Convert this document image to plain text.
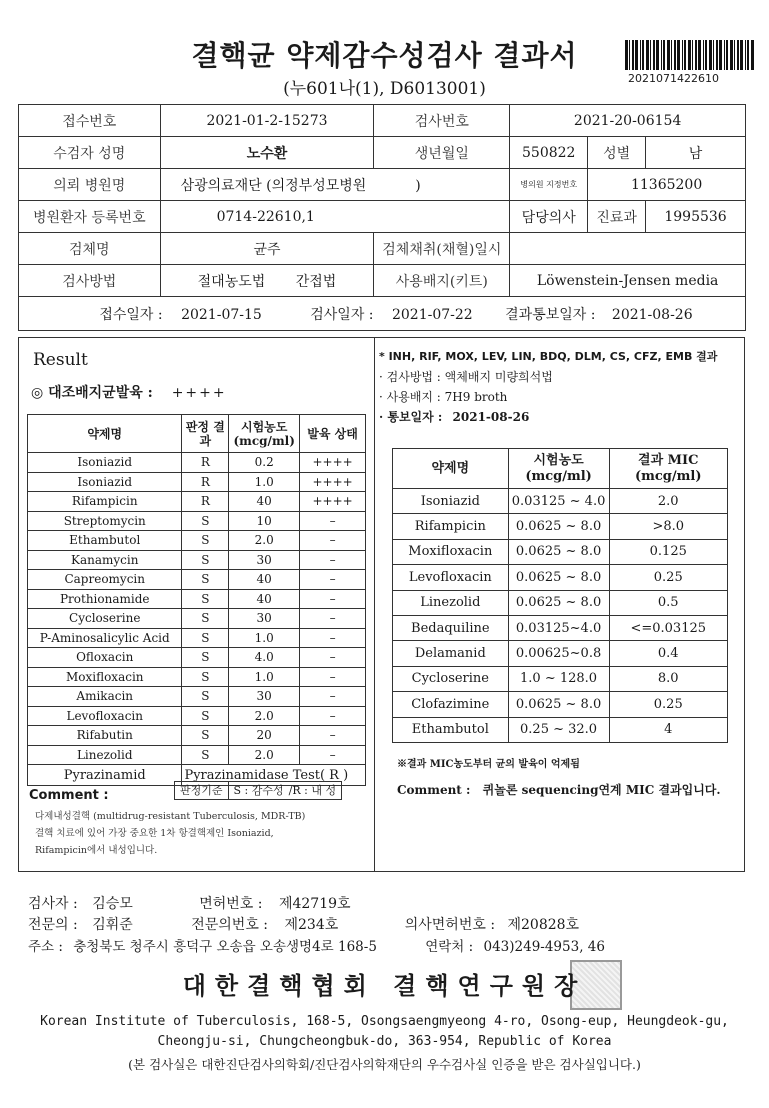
결핵균 약제감수성검사 결과서
(누601나(1), D6013001)
2021071422610
접수번호	2021-01-2-15273	검사번호	2021-20-06154		
수검자 성명	노수환	생년월일	550822	성별	남
의뢰 병원명	삼광의료재단 (의정부성모병원           )		병의원 지정번호	11365200	
병원환자 등록번호	0714-22610,1		담당의사	진료과	1995536
검체명	균주	검체채취(채혈)일시			
검사방법	절대농도법 간접법	사용배지(키트)	Löwenstein-Jensen media		
접수일자 : 2021-07-15 검사일자 : 2021-07-22 결과통보일자 : 2021-08-26					
Result
◎ 대조배지균발육 : ++++
약제명	판정 결과	시험농도 (mcg/ml)	발육 상태
Isoniazid	R	0.2	++++
Isoniazid	R	1.0	++++
Rifampicin	R	40	++++
Streptomycin	S	10	–
Ethambutol	S	2.0	–
Kanamycin	S	30	–
Capreomycin	S	40	–
Prothionamide	S	40	–
Cycloserine	S	30	–
P-Aminosalicylic Acid	S	1.0	–
Ofloxacin	S	4.0	–
Moxifloxacin	S	1.0	–
Amikacin	S	30	–
Levofloxacin	S	2.0	–
Rifabutin	S	20	–
Linezolid	S	2.0	–
Pyrazinamid	Pyrazinamidase Test( R )		
Comment :	판정기준	S : 감수성 /R : 내 성
다제내성결핵 (multidrug-resistant Tuberculosis, MDR-TB)
결핵 치료에 있어 가장 중요한 1차 항결핵제인 Isoniazid,
Rifampicin에서 내성입니다.
* INH, RIF, MOX, LEV, LIN, BDQ, DLM, CS, CFZ, EMB 결과
· 검사방법 : 액체배지 미량희석법
· 사용배지 : 7H9 broth
· 통보일자 : 2021-08-26
약제명	시험농도 (mcg/ml)	결과 MIC (mcg/ml)
Isoniazid	0.03125 ~ 4.0	2.0
Rifampicin	0.0625 ~ 8.0	>8.0
Moxifloxacin	0.0625 ~ 8.0	0.125
Levofloxacin	0.0625 ~ 8.0	0.25
Linezolid	0.0625 ~ 8.0	0.5
Bedaquiline	0.03125~4.0	<=0.03125
Delamanid	0.00625~0.8	0.4
Cycloserine	1.0 ~ 128.0	8.0
Clofazimine	0.0625 ~ 8.0	0.25
Ethambutol	0.25 ~ 32.0	4
※결과 MIC농도부터 균의 발육이 억제됨
Comment : 퀴놀론 sequencing연계 MIC 결과입니다.
검사자 : 김승모	면허번호 : 제42719호
전문의 : 김휘준	전문의번호 : 제234호	의사면허번호 : 제20828호
주소 : 충청북도 청주시 흥덕구 오송읍 오송생명4로 168-5	연락처 : 043)249-4953, 46
대한결핵협회 결핵연구원장
Korean Institute of Tuberculosis, 168-5, Osongsaengmyeong 4-ro, Osong-eup, Heungdeok-gu,
Cheongju-si, Chungcheongbuk-do, 363-954, Republic of Korea
(본 검사실은 대한진단검사의학회/진단검사의학재단의 우수검사실 인증을 받은 검사실입니다.)
